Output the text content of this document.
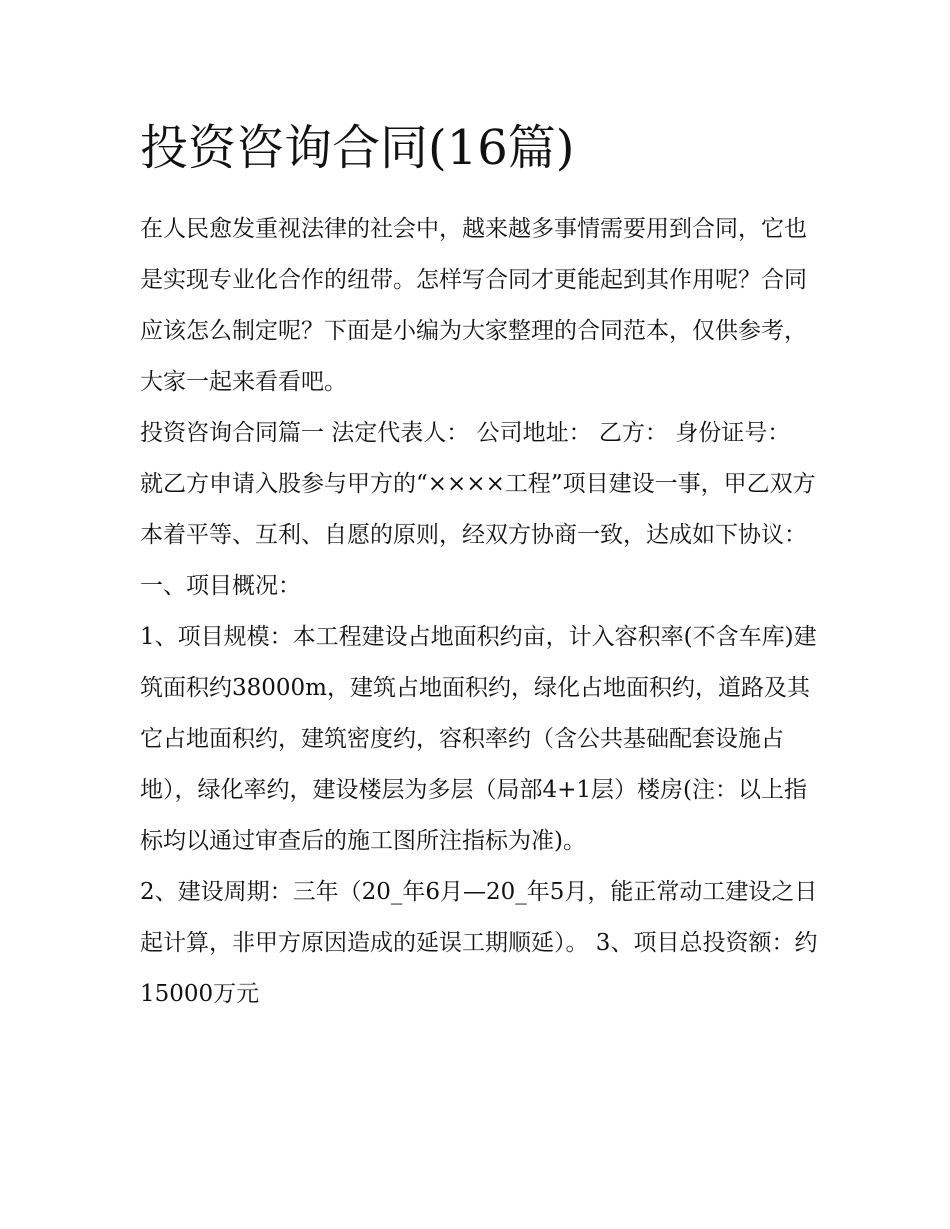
投资咨询合同(16篇)

在人民愈发重视法律的社会中，越来越多事情需要用到合同，它也是实现专业化合作的纽带。怎样写合同才更能起到其作用呢？合同应该怎么制定呢？下面是小编为大家整理的合同范本，仅供参考，大家一起来看看吧。

投资咨询合同篇一 法定代表人： 公司地址： 乙方： 身份证号：

就乙方申请入股参与甲方的“××××工程”项目建设一事，甲乙双方本着平等、互利、自愿的原则，经双方协商一致，达成如下协议： 一、项目概况：

1、项目规模：本工程建设占地面积约亩，计入容积率(不含车库)建筑面积约38000m，建筑占地面积约，绿化占地面积约，道路及其它占地面积约，建筑密度约，容积率约（含公共基础配套设施占地），绿化率约，建设楼层为多层（局部4+1层）楼房(注：以上指标均以通过审查后的施工图所注指标为准)。

2、建设周期：三年（20_年6月—20_年5月，能正常动工建设之日起计算，非甲方原因造成的延误工期顺延）。 3、项目总投资额：约15000万元
